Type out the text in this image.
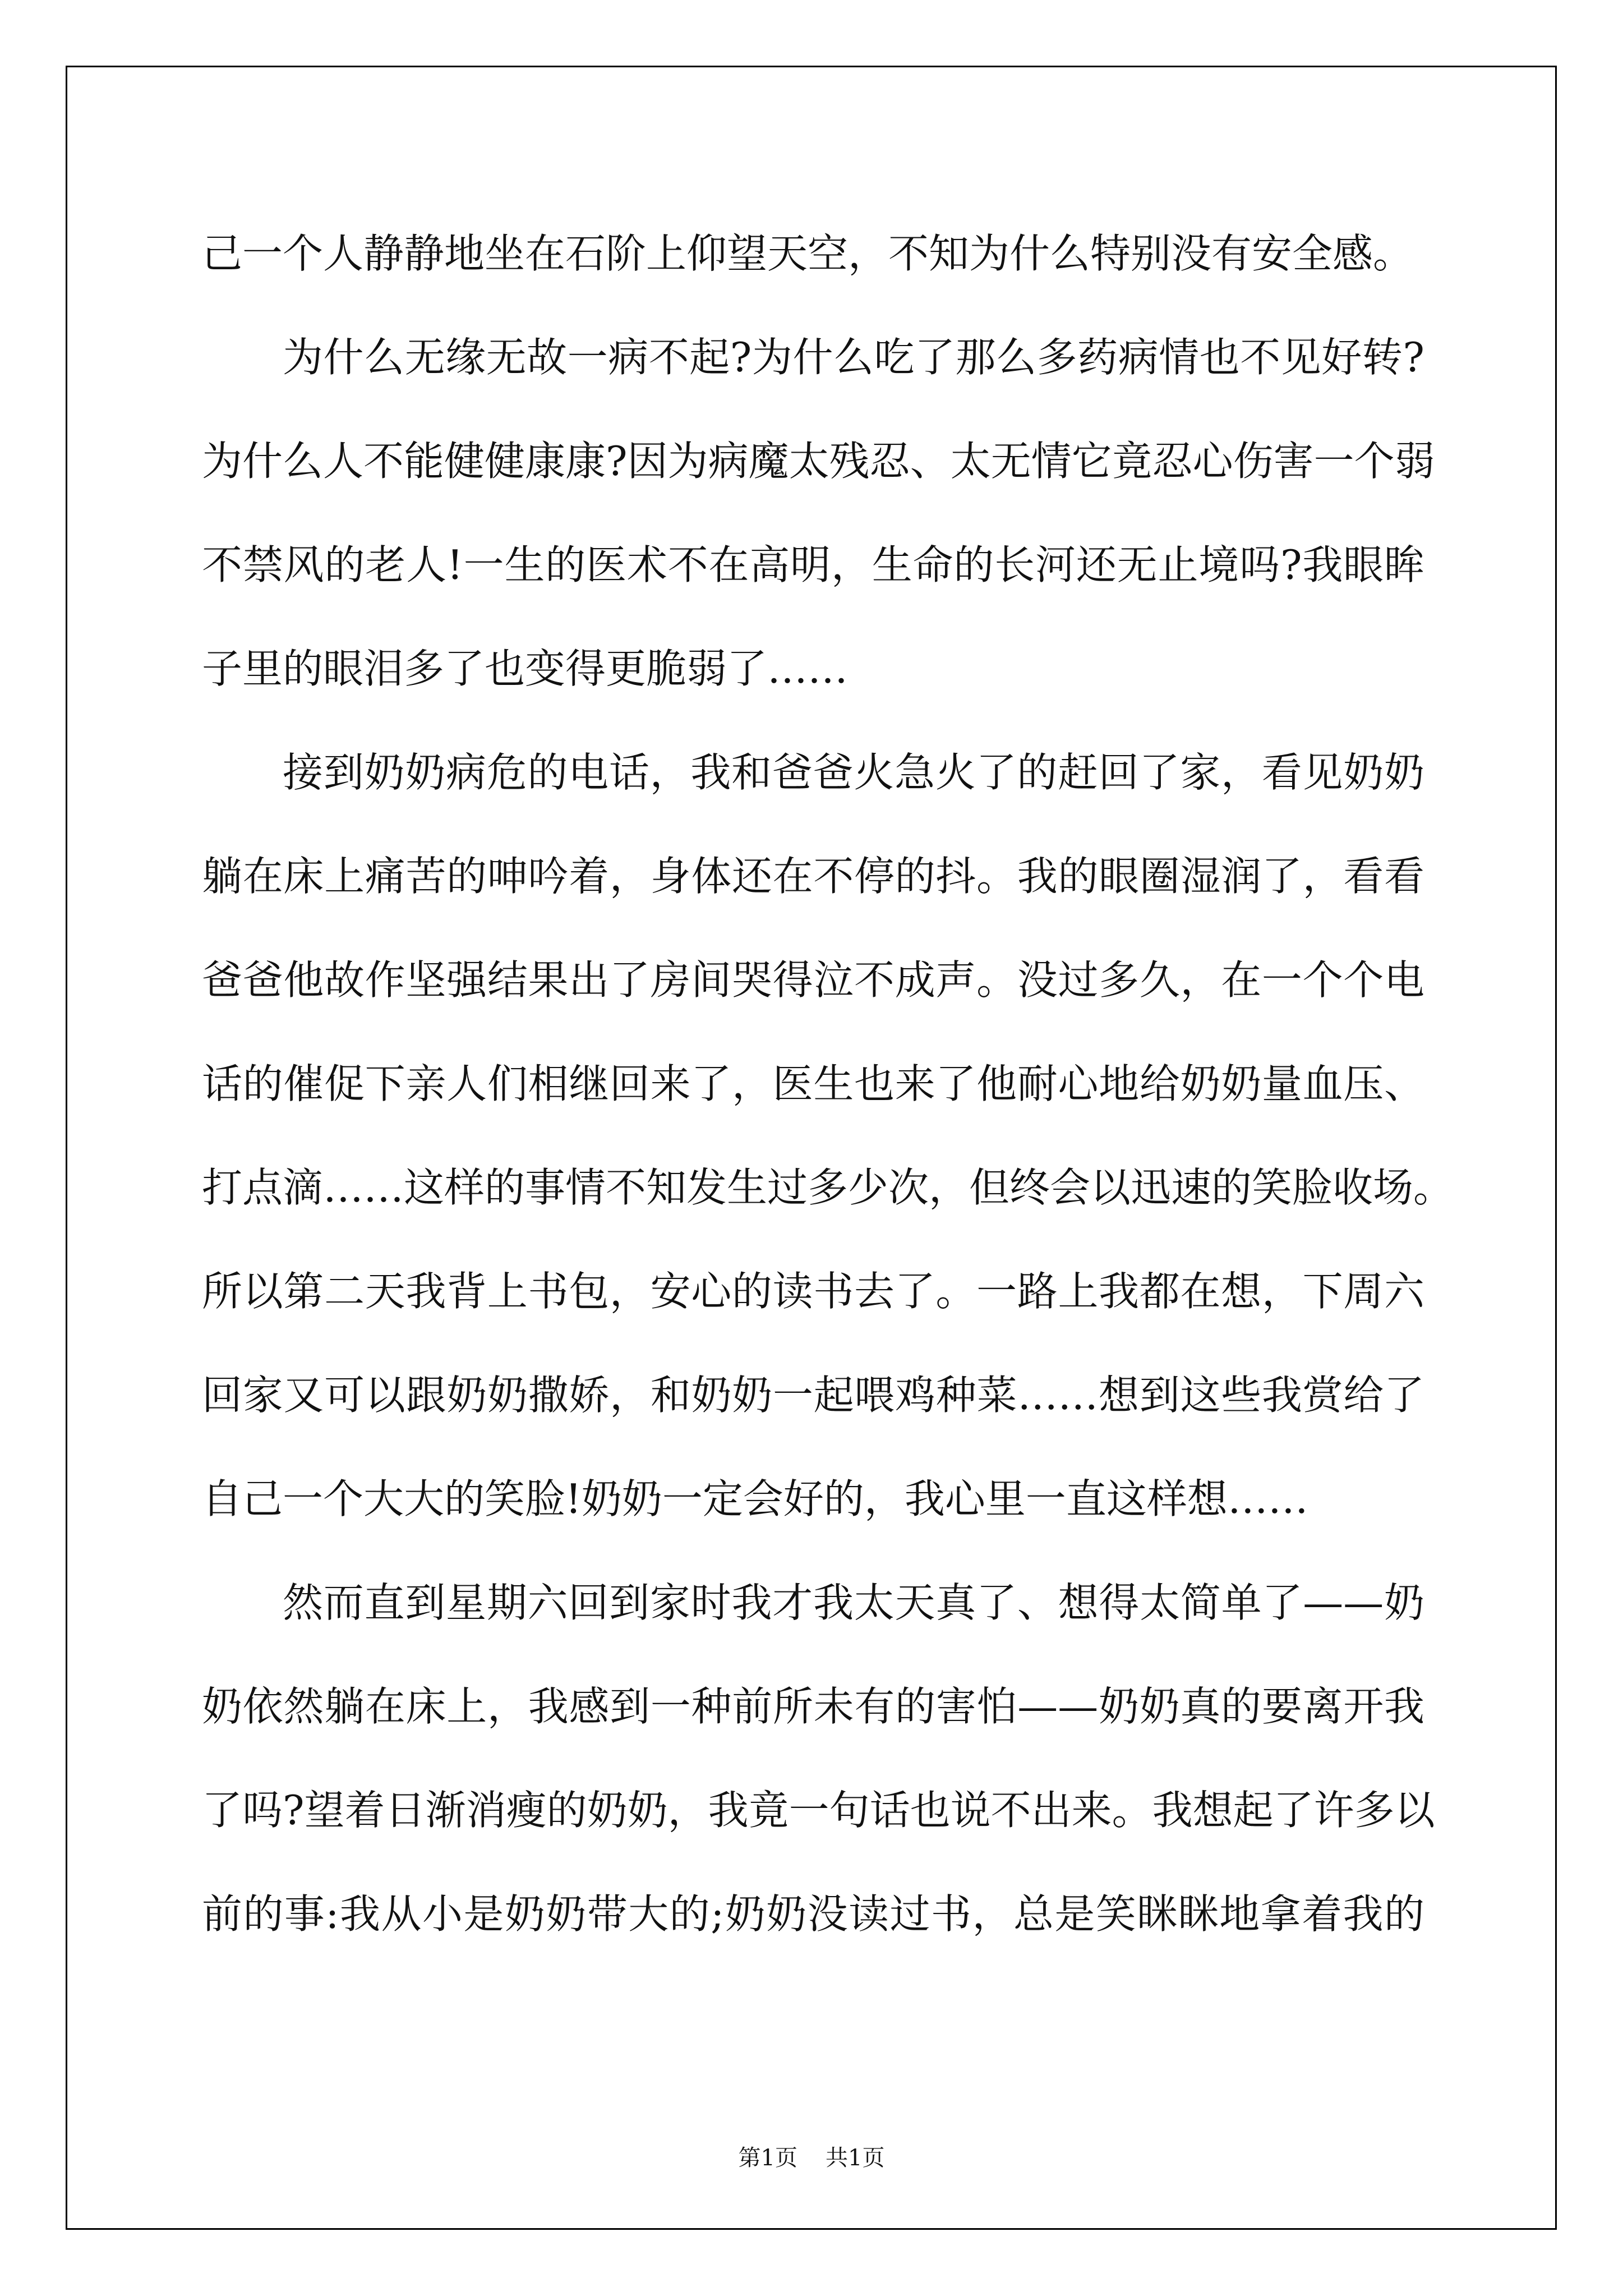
己一个人静静地坐在石阶上仰望天空，不知为什么特别没有安全感。
为什么无缘无故一病不起?为什么吃了那么多药病情也不见好转?
为什么人不能健健康康?因为病魔太残忍、太无情它竟忍心伤害一个弱
不禁风的老人!一生的医术不在高明，生命的长河还无止境吗?我眼眸
子里的眼泪多了也变得更脆弱了……
接到奶奶病危的电话，我和爸爸火急火了的赶回了家，看见奶奶
躺在床上痛苦的呻吟着，身体还在不停的抖。我的眼圈湿润了，看看
爸爸他故作坚强结果出了房间哭得泣不成声。没过多久，在一个个电
话的催促下亲人们相继回来了，医生也来了他耐心地给奶奶量血压、
打点滴……这样的事情不知发生过多少次，但终会以迅速的笑脸收场。
所以第二天我背上书包，安心的读书去了。一路上我都在想，下周六
回家又可以跟奶奶撒娇，和奶奶一起喂鸡种菜……想到这些我赏给了
自己一个大大的笑脸!奶奶一定会好的，我心里一直这样想……
然而直到星期六回到家时我才我太天真了、想得太简单了——奶
奶依然躺在床上，我感到一种前所未有的害怕——奶奶真的要离开我
了吗?望着日渐消瘦的奶奶，我竟一句话也说不出来。我想起了许多以
前的事:我从小是奶奶带大的;奶奶没读过书，总是笑眯眯地拿着我的
第1页 共1页
